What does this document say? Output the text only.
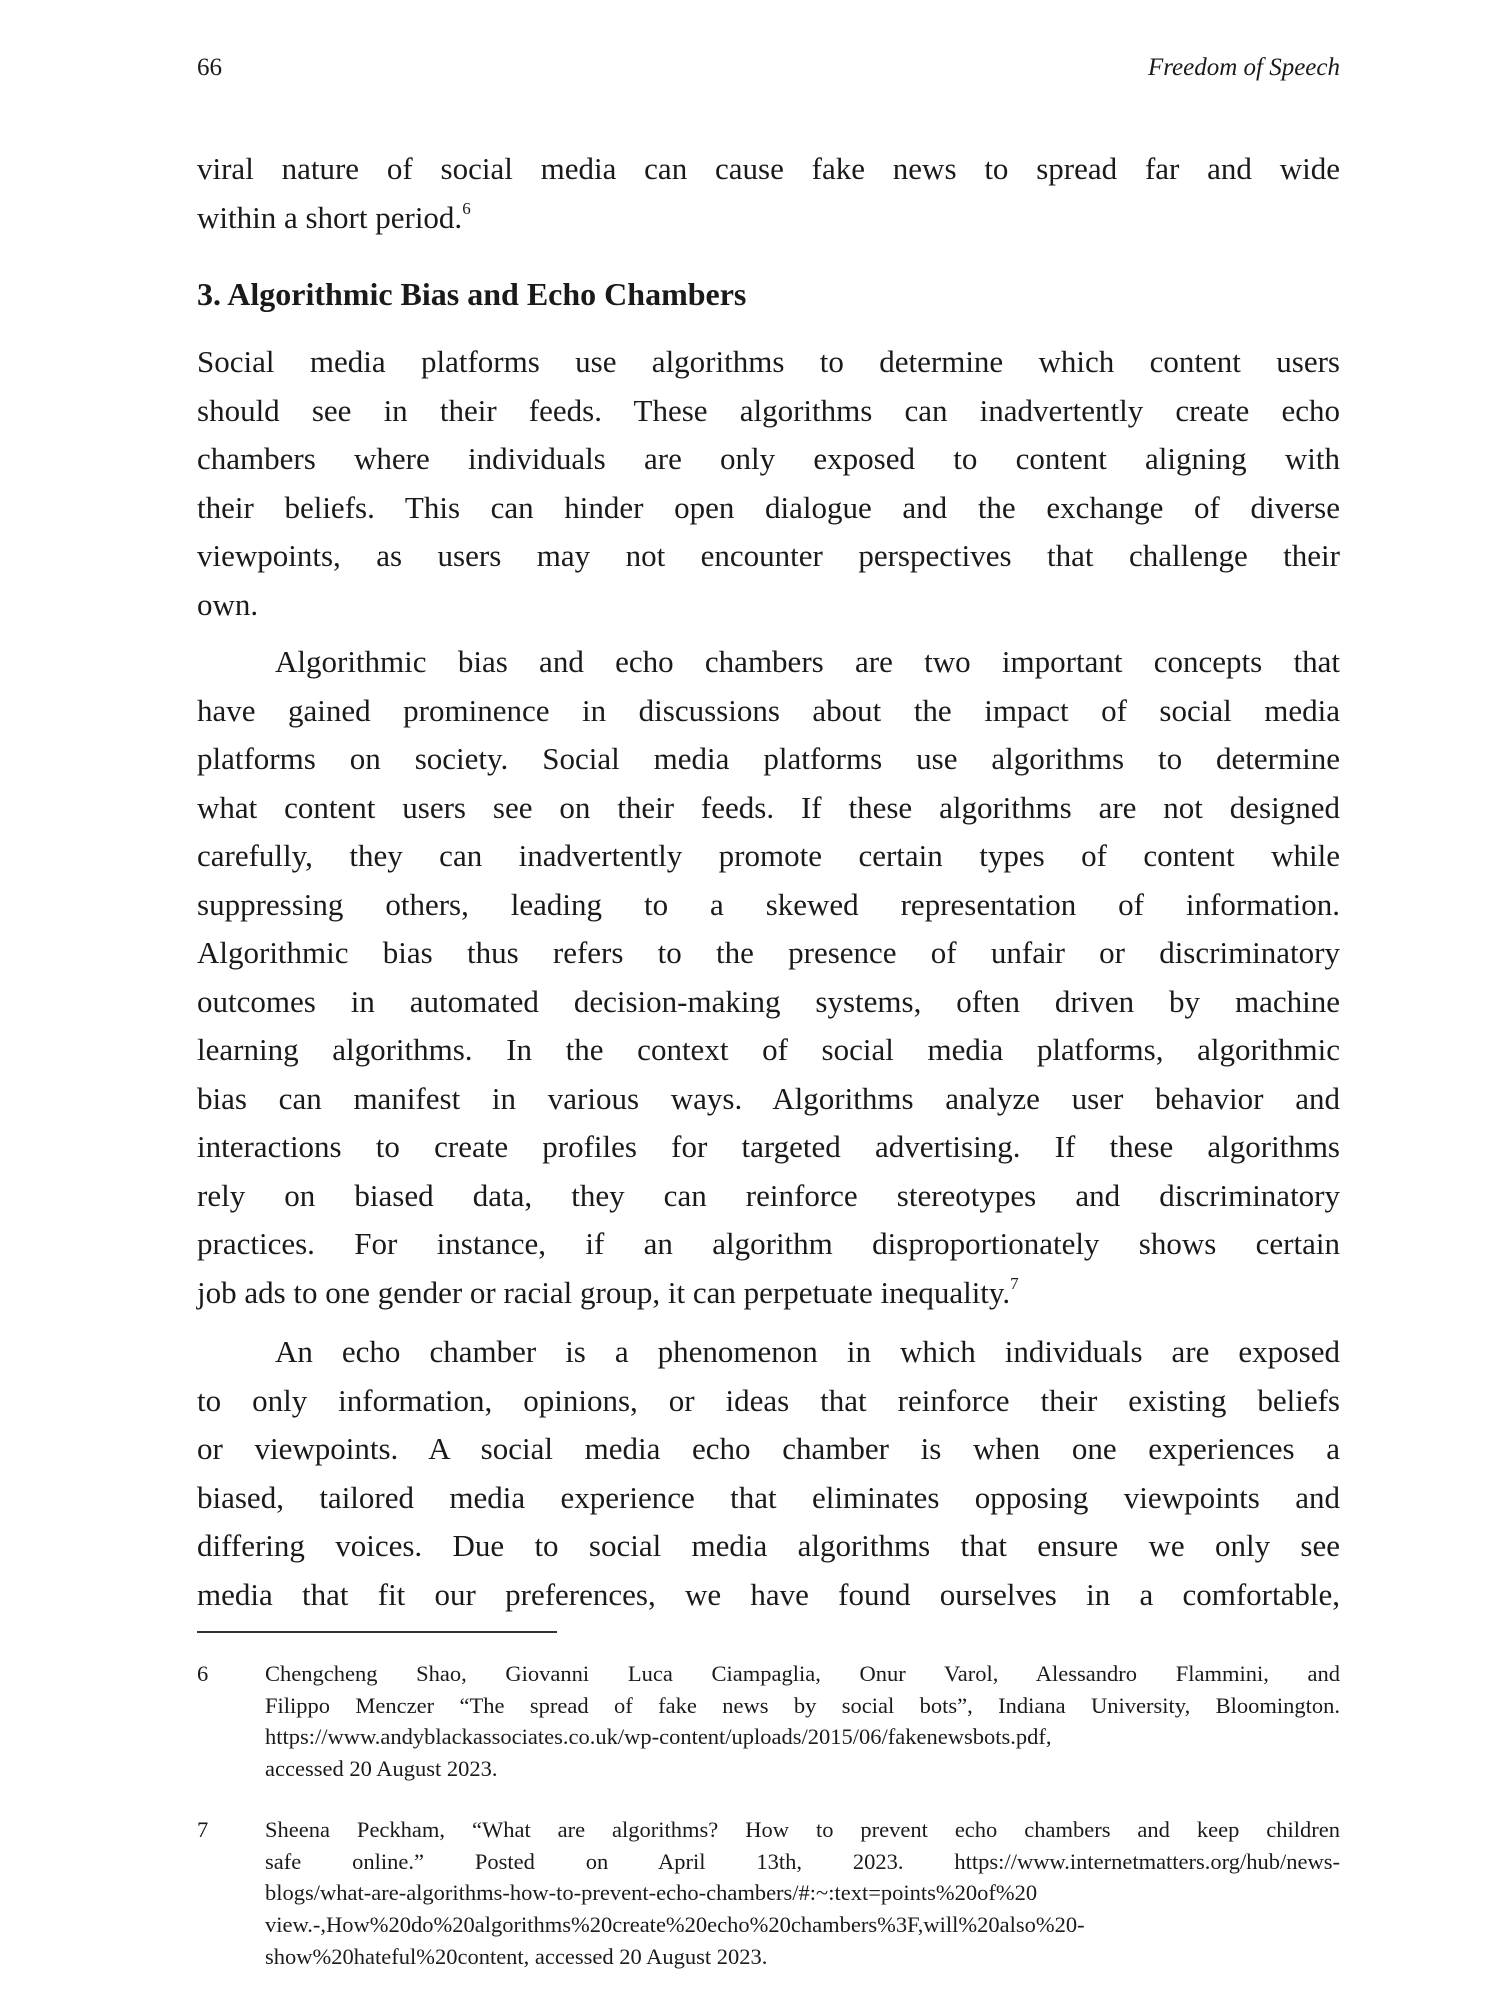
66	Freedom of Speech
viral nature of social media can cause fake news to spread far and wide
within a short period.$^6$
3. Algorithmic Bias and Echo Chambers
Social media platforms use algorithms to determine which content users
should see in their feeds. These algorithms can inadvertently create echo
chambers where individuals are only exposed to content aligning with
their beliefs. This can hinder open dialogue and the exchange of diverse
viewpoints, as users may not encounter perspectives that challenge their
own.
Algorithmic bias and echo chambers are two important concepts that
have gained prominence in discussions about the impact of social media
platforms on society. Social media platforms use algorithms to determine
what content users see on their feeds. If these algorithms are not designed
carefully, they can inadvertently promote certain types of content while
suppressing others, leading to a skewed representation of information.
Algorithmic bias thus refers to the presence of unfair or discriminatory
outcomes in automated decision-making systems, often driven by machine
learning algorithms. In the context of social media platforms, algorithmic
bias can manifest in various ways. Algorithms analyze user behavior and
interactions to create profiles for targeted advertising. If these algorithms
rely on biased data, they can reinforce stereotypes and discriminatory
practices. For instance, if an algorithm disproportionately shows certain
job ads to one gender or racial group, it can perpetuate inequality.$^7$
An echo chamber is a phenomenon in which individuals are exposed
to only information, opinions, or ideas that reinforce their existing beliefs
or viewpoints. A social media echo chamber is when one experiences a
biased, tailored media experience that eliminates opposing viewpoints and
differing voices. Due to social media algorithms that ensure we only see
media that fit our preferences, we have found ourselves in a comfortable,
6	Chengcheng Shao, Giovanni Luca Ciampaglia, Onur Varol, Alessandro Flammini, and
Filippo Menczer “The spread of fake news by social bots”, Indiana University, Bloomington.
https://www.andyblackassociates.co.uk/wp-content/uploads/2015/06/fakenewsbots.pdf,
accessed 20 August 2023.
7	Sheena Peckham, “What are algorithms? How to prevent echo chambers and keep children
safe online.” Posted on April 13th, 2023. https://www.internetmatters.org/hub/news-
blogs/what-are-algorithms-how-to-prevent-echo-chambers/#:~:text=points%20of%20
view.-,How%20do%20algorithms%20create%20echo%20chambers%3F,will%20also%20-
show%20hateful%20content, accessed 20 August 2023.
